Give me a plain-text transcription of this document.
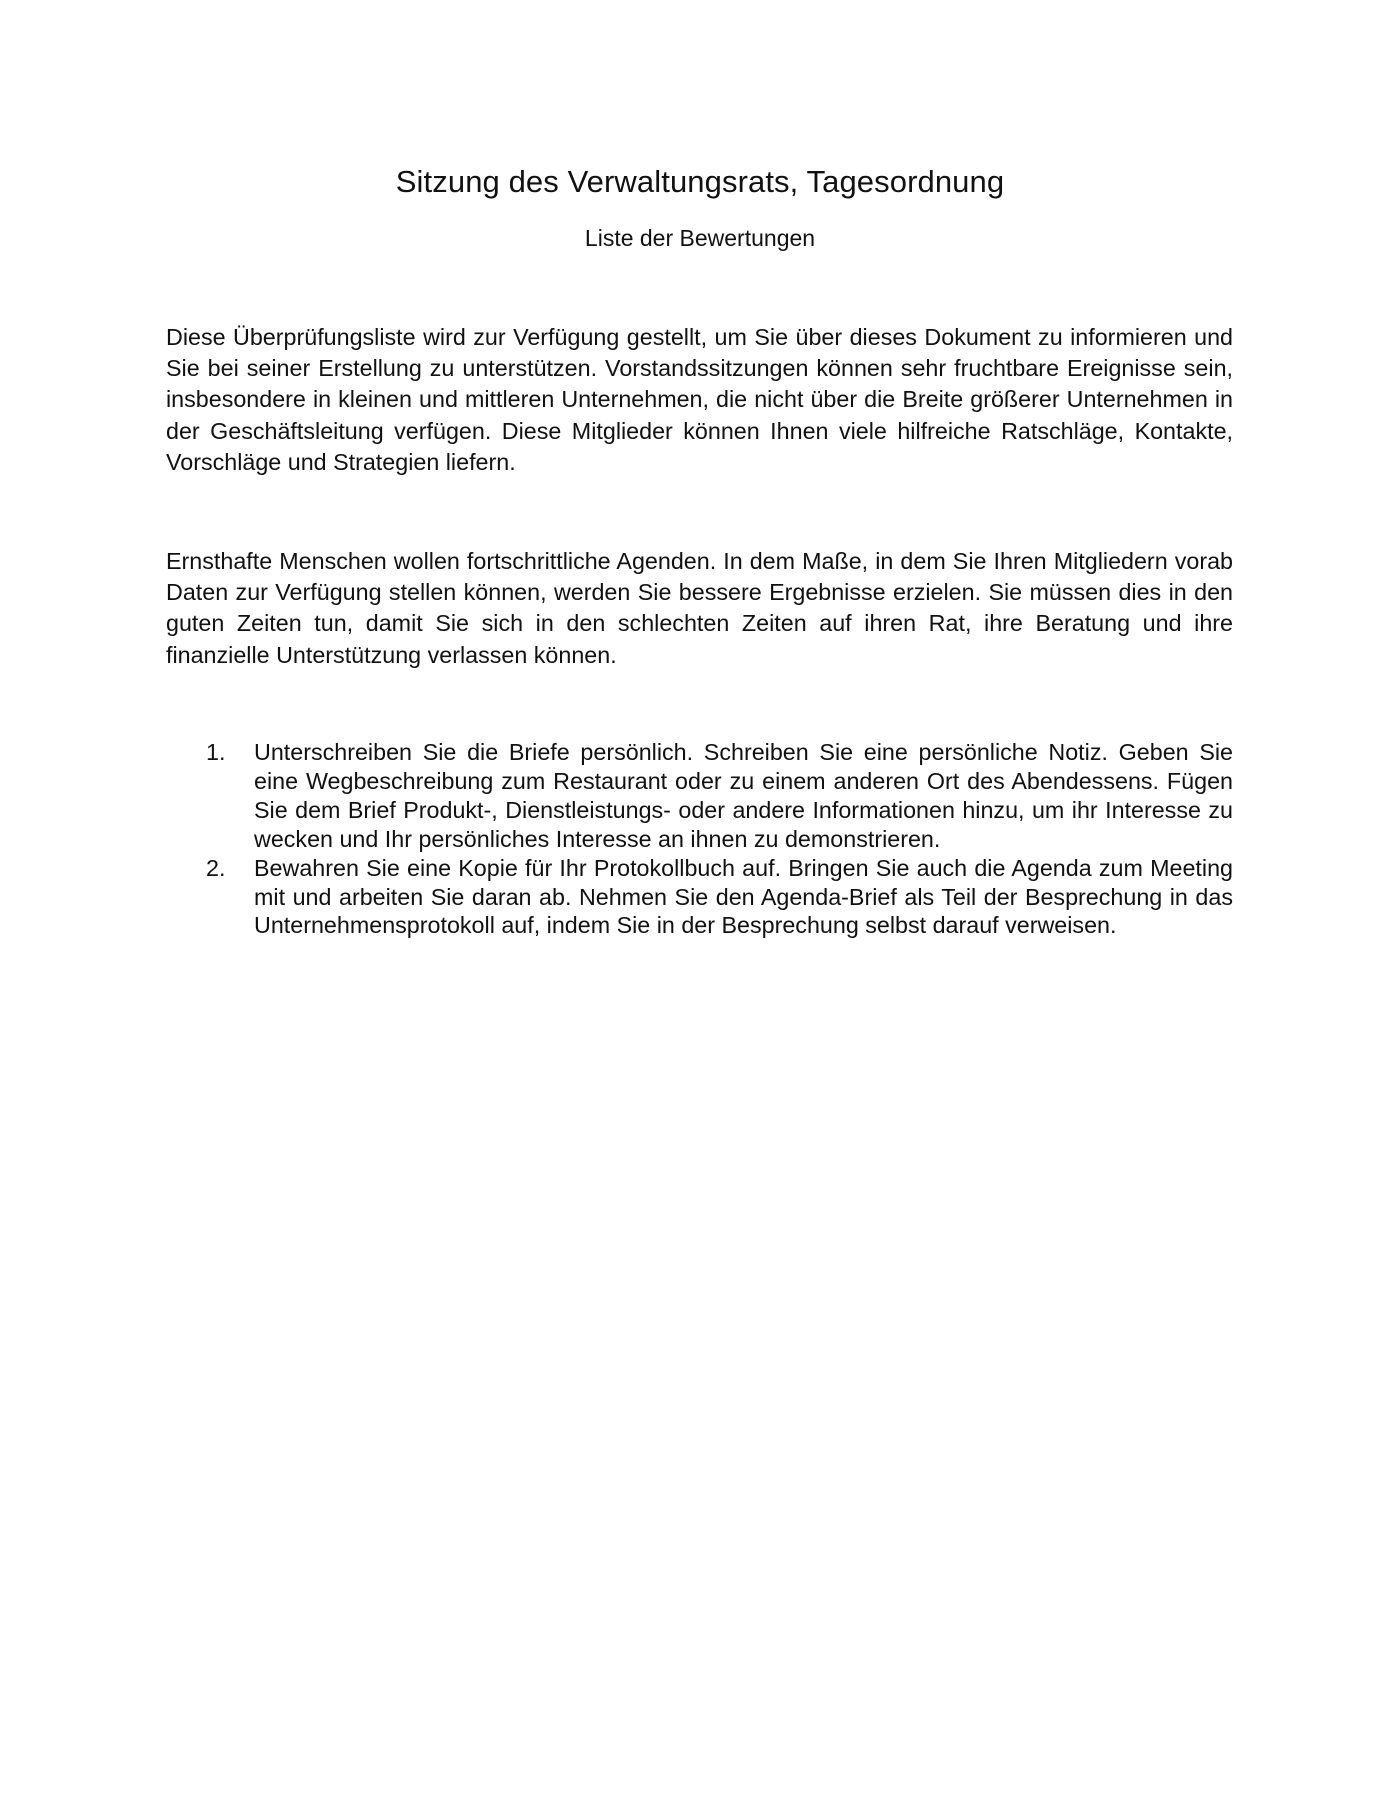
Sitzung des Verwaltungsrats, Tagesordnung
Liste der Bewertungen

Diese Überprüfungsliste wird zur Verfügung gestellt, um Sie über dieses Dokument zu informieren und Sie bei seiner Erstellung zu unterstützen. Vorstandssitzungen können sehr fruchtbare Ereignisse sein, insbesondere in kleinen und mittleren Unternehmen, die nicht über die Breite größerer Unternehmen in der Geschäftsleitung verfügen. Diese Mitglieder können Ihnen viele hilfreiche Ratschläge, Kontakte, Vorschläge und Strategien liefern.

Ernsthafte Menschen wollen fortschrittliche Agenden. In dem Maße, in dem Sie Ihren Mitgliedern vorab Daten zur Verfügung stellen können, werden Sie bessere Ergebnisse erzielen. Sie müssen dies in den guten Zeiten tun, damit Sie sich in den schlechten Zeiten auf ihren Rat, ihre Beratung und ihre finanzielle Unterstützung verlassen können.

1. Unterschreiben Sie die Briefe persönlich. Schreiben Sie eine persönliche Notiz. Geben Sie eine Wegbeschreibung zum Restaurant oder zu einem anderen Ort des Abendessens. Fügen Sie dem Brief Produkt-, Dienstleistungs- oder andere Informationen hinzu, um ihr Interesse zu wecken und Ihr persönliches Interesse an ihnen zu demonstrieren.
2. Bewahren Sie eine Kopie für Ihr Protokollbuch auf. Bringen Sie auch die Agenda zum Meeting mit und arbeiten Sie daran ab. Nehmen Sie den Agenda-Brief als Teil der Besprechung in das Unternehmensprotokoll auf, indem Sie in der Besprechung selbst darauf verweisen.
